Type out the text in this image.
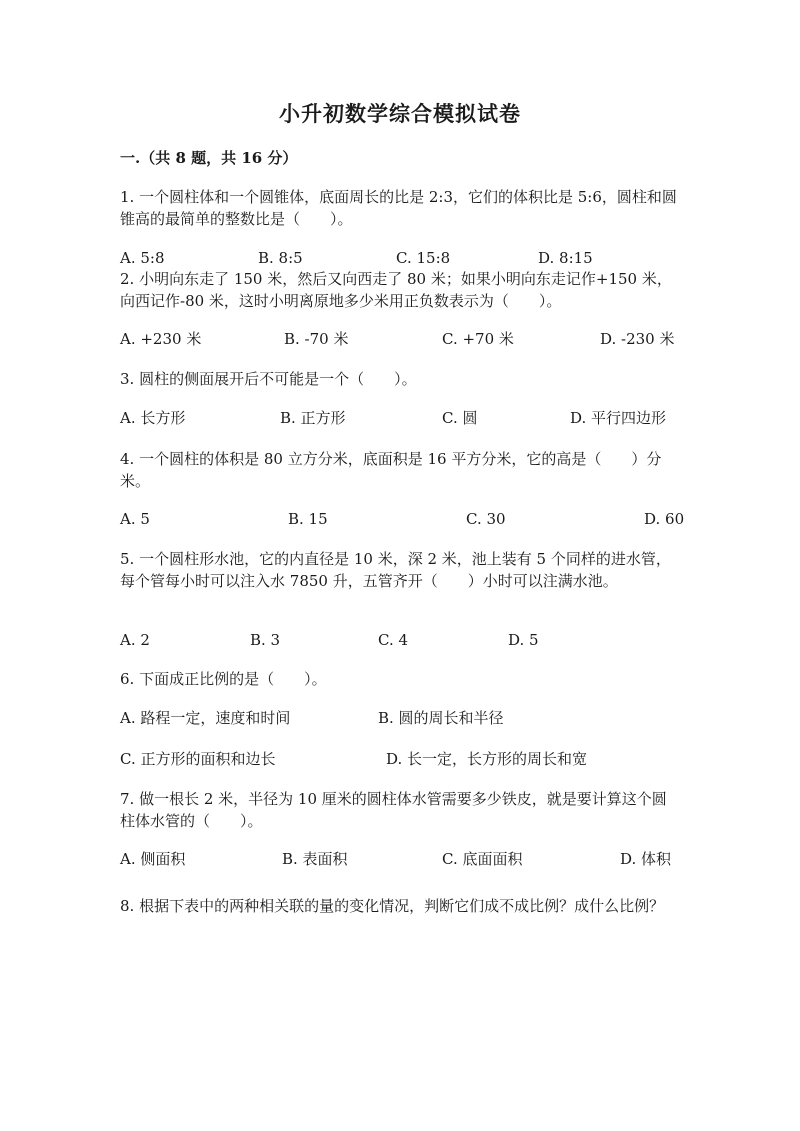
小升初数学综合模拟试卷
一.（共 8 题，共 16 分）
1. 一个圆柱体和一个圆锥体，底面周长的比是 2:3，它们的体积比是 5:6，圆柱和圆锥高的最简单的整数比是（　　）。
A. 5:8	B. 8:5	C. 15:8	D. 8:15
2. 小明向东走了 150 米，然后又向西走了 80 米；如果小明向东走记作+150 米，向西记作-80 米，这时小明离原地多少米用正负数表示为（　　）。
A. +230 米	B. -70 米	C. +70 米	D. -230 米
3. 圆柱的侧面展开后不可能是一个（　　）。
A. 长方形	B. 正方形	C. 圆	D. 平行四边形
4. 一个圆柱的体积是 80 立方分米，底面积是 16 平方分米，它的高是（　　）分米。
A. 5	B. 15	C. 30	D. 60
5. 一个圆柱形水池，它的内直径是 10 米，深 2 米，池上装有 5 个同样的进水管，每个管每小时可以注入水 7850 升，五管齐开（　　）小时可以注满水池。
A. 2	B. 3	C. 4	D. 5
6. 下面成正比例的是（　　）。
A. 路程一定，速度和时间	B. 圆的周长和半径
C. 正方形的面积和边长	D. 长一定，长方形的周长和宽
7. 做一根长 2 米，半径为 10 厘米的圆柱体水管需要多少铁皮，就是要计算这个圆柱体水管的（　　）。
A. 侧面积	B. 表面积	C. 底面面积	D. 体积
8. 根据下表中的两种相关联的量的变化情况，判断它们成不成比例？成什么比例？
